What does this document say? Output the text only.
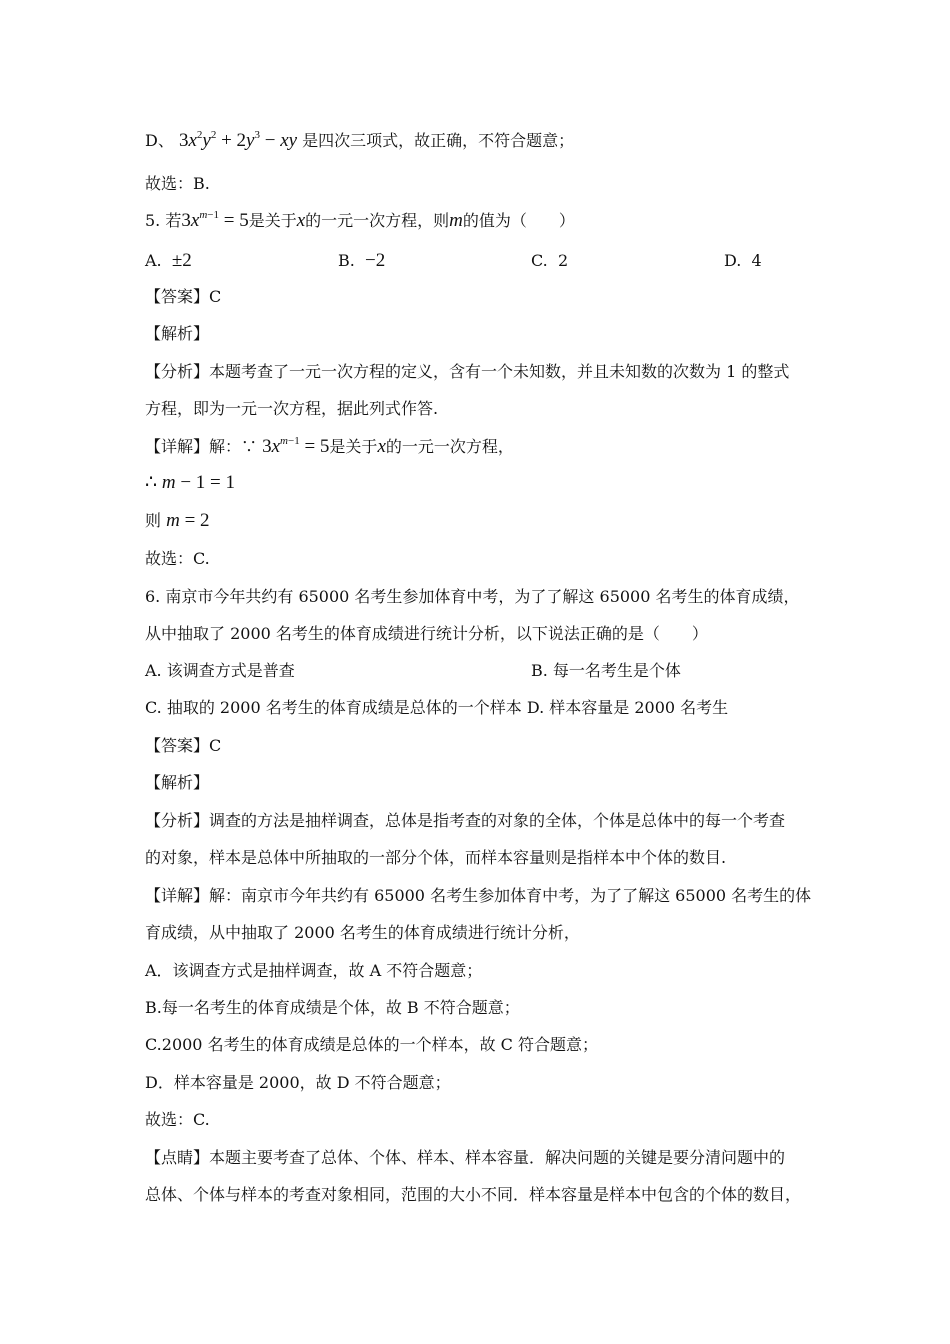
D、 $3x^2y^2 + 2y^3$ − xy 是四次三项式，故正确，不符合题意；
故选：B.
5. 若$3x^{m-1} = 5$是关于x的一元一次方程，则m的值为（　　）
A. ±2	B. −2	C. 2	D. 4
【答案】C
【解析】
【分析】本题考查了一元一次方程的定义，含有一个未知数，并且未知数的次数为 1 的整式
方程，即为一元一次方程，据此列式作答.
【详解】解：∵ $3x^{m-1} = 5$是关于x的一元一次方程，
∴ m − 1 = 1
则 m = 2
故选：C.
6. 南京市今年共约有 65000 名考生参加体育中考，为了了解这 65000 名考生的体育成绩，
从中抽取了 2000 名考生的体育成绩进行统计分析，以下说法正确的是（　　）
A. 该调查方式是普查	B. 每一名考生是个体
C. 抽取的 2000 名考生的体育成绩是总体的一个样本 D. 样本容量是 2000 名考生
【答案】C
【解析】
【分析】调查的方法是抽样调查，总体是指考查的对象的全体，个体是总体中的每一个考查
的对象，样本是总体中所抽取的一部分个体，而样本容量则是指样本中个体的数目.
【详解】解：南京市今年共约有 65000 名考生参加体育中考，为了了解这 65000 名考生的体
育成绩，从中抽取了 2000 名考生的体育成绩进行统计分析，
A．该调查方式是抽样调查，故 A 不符合题意；
B.每一名考生的体育成绩是个体，故 B 不符合题意；
C.2000 名考生的体育成绩是总体的一个样本，故 C 符合题意；
D．样本容量是 2000，故 D 不符合题意；
故选：C.
【点睛】本题主要考查了总体、个体、样本、样本容量．解决问题的关键是要分清问题中的
总体、个体与样本的考查对象相同，范围的大小不同．样本容量是样本中包含的个体的数目，
